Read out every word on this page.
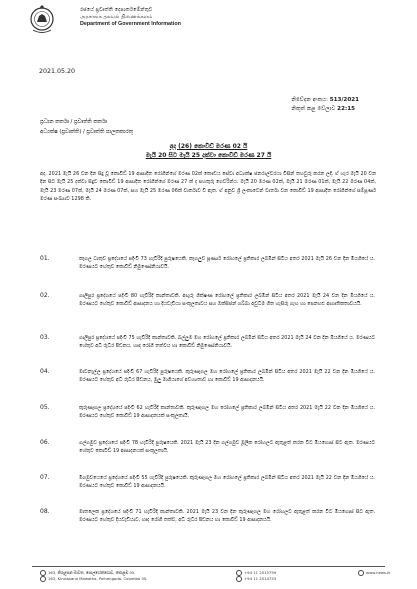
රජයේ ප්‍රවෘත්ති දෙපාර්තමේන්තුව
அரசாங்க தகவல் திணைக்களம்
Department of Government Information
2021.05.20
නිවේදන අංකය: 513/2021
නිකුත් කළ වේලාව 22:15
ප්‍රධාන කර්තෘ / ප්‍රවෘත්ති කර්තෘ
අධ්‍යක්ෂ (ප්‍රවෘත්ති) / ප්‍රවෘත්ති පාලකකාරතු
අද (26) කොවිඩ් මරණ 02 යි
මැයි 20 සිට මැයි 25 දක්වා කොවිඩ් මරණ 27 යි
අද, 2021 මැයි 26 වන දින සිදු වූ කොවිඩ් 19 ආසාදිත රෝගීන්ගේ මරණ 02ක් කෞඩය සේවා අධ්‍යක්ෂ ජනරාල්වරයා විසින් තහවුරු කරන ලදී. ඒ හැර මැයි 20 වන දින සිට මැයි 25 දක්වා සිදුව කොවිඩ් 19 ආසාදිත රෝගීන්ගේ මරණ 27 ක් ද පහතුරු ගෙවරින්ය. මැයි 20 මරණ 02ක්, මැයි 21 මරණ 01ක්, මැයි 22 මරණ 04ක්, මැයි 23 මරණ 07ක්, මැයි 24 මරණ 07ක්, සහ මැයි 25 මරණ 06ක් වාර්තාව වී ඇත. ඒ අනුව ශ්‍රී ලංකාවෙන් වාර්තා වන කොවිඩ් 19 ආසාදිත රෝගීන්ගේ සම්පූර්ණ මරණ සංඛ්‍යාව 1298 කි.
01.	කෑගල ධාතුව ප්‍රදේශයේ පදිංචි 73 හැවිරිදි පුරුෂයෙකි. කෑගලුව පූර්ණ්‍ය රෝහලේ ප්‍රතිකාර ලබමින් සිටිය අතර 2021 මැයි 26 වන දින මියගියේ ය. මරණයට හේතුව කොවිඩ් නිමුණෝනියාවයි.
02.	ගාලිපුර ප්‍රදේශයේ පදිංචි 80 හැවිරිදි කාන්තාවකි. අඟුරු ශික්ෂණ රෝහලේ ප්‍රතිකාර ලබමින් සිටිය අතර 2021 මැයි 24 වන දින මියගියේ ය. මරණයට හේතුව කොවිඩ් ආසාදනය හා දියවැඩියා සංකූලතාවය සහ ඔක්සිජන් ගබ්බා අවුධිම ගීත හැසිරු ගැහ හා පෙනහළු ආගෘතිකතාවයයි.
03.	ගාලිපුර ප්‍රදේශයේ පදිංචි 75 හැවිරිදි කාන්තාවකි. බල්ලුම මහ රෝහලේ ප්‍රතිකාර ලබමින් සිටිය අතර 2021 මැයි 24 වන දින මියගියේ ය. මරණයට හේතුව අධි රුධිර පීඩනය, හෘද රෝගී තත්වය හා කොවිඩ් නිමුණෝනියාවයි.
04.	මාවනැල්ල ප්‍රදේශයේ පදිංචි 67 හැවිරිදි පුරුෂයෙකි. කුරුණෑගල මහ රෝහලේ ප්‍රතිකාර ලබමින් සිටිය අතර 2021 මැයි 22 වන දින මියගියේ ය. මරණයට හේතුව අධි රුධිර පීඩනය, මුලු මාගියාගේ අවශ්‍යතාව හා කොවිඩ් 19 ආසාදනයයි.
05.	කුරුණෑගල ප්‍රදේශයේ පදිංචි 62 හැවිරිදි කාන්තාවකි. කුරුණෑගල මහ රෝහලේ ප්‍රතිකාර ලබමින් සිටිය අතර 2021 මැයි 22 වන දින මියගියේ ය. මරණයට හේතුව කොවිඩ් 19 ආසාදනයක් සංකූලතායි.
06.	ගල්ගමුව ප්‍රදේශයේ පදිංචි 78 හැවිරිදි පුරුෂයෙකි. 2021 මැයි 23 දින ගල්ගමුව මූලික රෝහලට ඇතුළත් කරන විට මියගොස් සිට ඇත. මරණයට හේතුව කොවිඩ් 19 ආසාදනයක් සංකූලතායි.
07.	මීගමුවයෙයේ ප්‍රදේශයේ පදිංචි 55 හැවිරිදි පුරුෂයෙකි. කුරුණෑගල මහ රෝහලේ ප්‍රතිකාර ලබමින් සිටිය අතර 2021 මැයි 22 වන දින මියගියේ ය. මරණයට හේතුව කොවිඩ් 19 ආසාදනයයි.
08.	මාතලෙක ප්‍රදේශයේ පදිංචි 71 හැවිරිදි කාන්තාවකි. 2021 මැයි 23 වන දින කුරුණෑගල මහ රෝහලට ඇතුළත් කරන විට මියගොස් සිට ඇත. මරණයට හේතුව දියවැඩියාව, හෘද රෝගී තත්ව, අධි රුධිර පීඩනය හා කොවිඩ් 19 ආසාදනයයි.
163, කිරුළපන මාවත, පොල්හේන්ගොඩ, කොළඹ 05.
163, Kirulapana Mawatha, Polhengoda, Colombo 05.
+94 11 2515759
+94 11 2514753
www.news.lk
